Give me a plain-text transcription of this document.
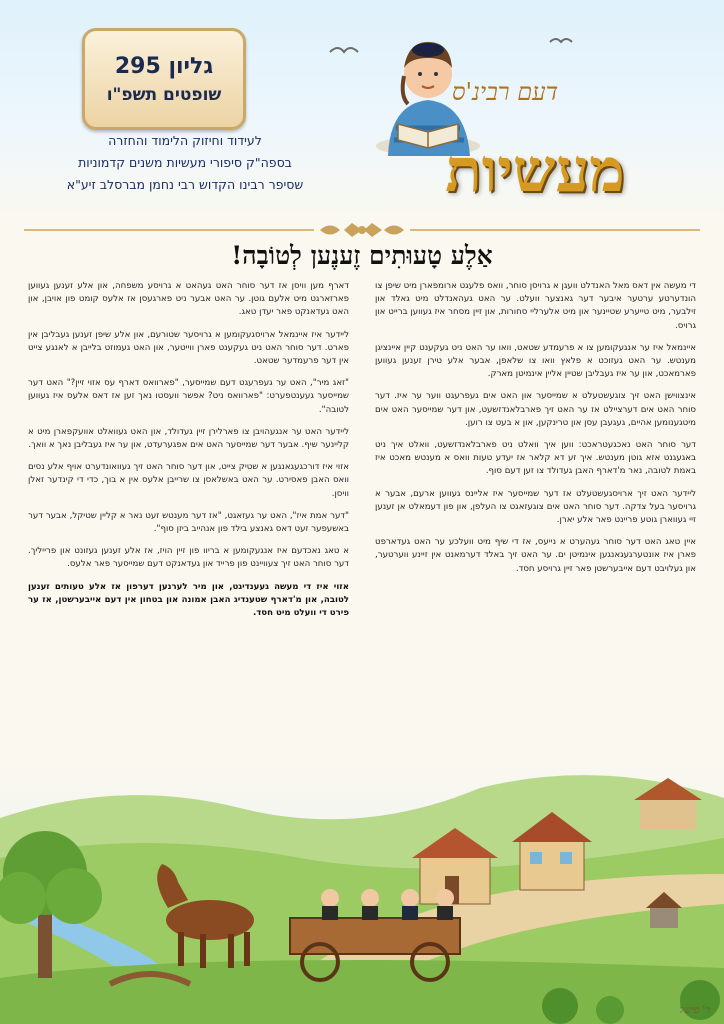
גליון 295
שופטים תשפ"ו
לעידוד וחיזוק הלימוד והחזרה
בספה"ק סיפורי מעשיות משנים קדמוניות
שסיפר רבינו הקדוש רבי נחמן מברסלב זיע"א
דעם רבינ'ס
מעשיות
אַלֶע טָעוּתִים זֶענֶען לְטוֹבָה!

די מעשה אין דאס מאל האנדלט וועגן א גרויסן סוחר, וואס פלעגט ארומפארן מיט שיפן צו הונדערטע ערטער איבער דער גאנצער וועלט. ער האט געהאנדלט מיט גאלד און זילבער, מיט טייערע שטיינער און מיט אלערליי סחורות, און זיין מסחר איז געווען ברייט און גרויס.

איינמאל איז ער אנגעקומען צו א פרעמדע שטאט, וואו ער האט ניט געקענט קיין איינציגן מענטש. ער האט געזוכט א פלאץ וואו צו שלאפן, אבער אלע טירן זענען געווען פארמאכט, און ער איז געבליבן שטיין אליין אינמיטן מארק.

אינצווישן האט זיך צוגעשטעלט א שמייסער און האט אים געפרעגט ווער ער איז. דער סוחר האט אים דערציילט אז ער האט זיך פארבלאנדזשעט, און דער שמייסער האט אים מיטגענומען אהיים, געגעבן עסן און טרינקען, און א בעט צו רוען.

דער סוחר האט נאכגעטראכט: ווען איך וואלט ניט פארבלאנדזשעט, וואלט איך ניט באגעגנט אזא גוטן מענטש. איך זע דא קלאר אז יעדע טעות וואס א מענטש מאכט איז באמת לטובה, נאר מ'דארף האבן געדולד צו זען דעם סוף.

ליידער האט זיך ארויסגעשטעלט אז דער שמייסער איז אליינס געווען ארעם, אבער א גרויסער בעל צדקה. דער סוחר האט אים צוגעזאגט צו העלפן, און פון דעמאלט אן זענען זיי געווארן גוטע פריינט פאר אלע יארן.

איין טאג האט דער סוחר געהערט א נייעס, אז די שיף מיט וועלכע ער האט געדארפט פארן איז אונטערגעגאנגען אינמיטן ים. ער האט זיך באלד דערמאנט אין זיינע ווערטער, און געלויבט דעם אייבערשטן פאר זיין גרויסע חסד.

דארף מען וויסן אז דער סוחר האט געהאט א גרויסע משפחה, און אלע זענען געווען פארזארגט מיט אלעם גוטן. ער האט אבער ניט פארגעסן אז אלעס קומט פון אויבן, און האט געדאנקט פאר יעדן טאג.

ליידער איז איינמאל ארויסגעקומען א גרויסער שטורעם, און אלע שיפן זענען געבליבן אין פארט. דער סוחר האט ניט געקענט פארן ווייטער, און האט געמוזט בלייבן א לאנגע צייט אין דער פרעמדער שטאט.

"זאג מיר", האט ער געפרעגט דעם שמייסער, "פארוואס דארף עס אזוי זיין?" האט דער שמייסער געענטפערט: "פארוואס ניט? אפשר וועסטו נאך זען אז דאס אלעס איז געווען לטובה".

ליידער האט ער אנגעהויבן צו פארלירן זיין געדולד, און האט געוואלט אוועקפארן מיט א קליינער שיף. אבער דער שמייסער האט אים אפגערעדט, און ער איז געבליבן נאך א וואך.

אזוי איז דורכגעגאנגען א שטיק צייט, און דער סוחר האט זיך געוואונדערט אויף אלע נסים וואס האבן פאסירט. ער האט באשלאסן צו שרייבן אלעס אין א בוך, כדי די קינדער זאלן וויסן.

"דער אמת איז", האט ער געזאגט, "אז דער מענטש זעט נאר א קליין שטיקל, אבער דער באשעפער זעט דאס גאנצע בילד פון אנהייב ביזן סוף".

א טאג נאכדעם איז אנגעקומען א בריוו פון זיין הויז, אז אלע זענען געזונט און פרייליך. דער סוחר האט זיך צעוויינט פון פרייד און געדאנקט דעם שמייסער פאר אלעס.

אזוי איז די מעשה געענדיגט, און מיר לערנען דערפון אז אלע טעותים זענען לטובה, און מ'דארף שטענדיג האבן אמונה און בטחון אין דעם אייבערשטן, אז ער פירט די וועלט מיט חסד.

ר' פישל
